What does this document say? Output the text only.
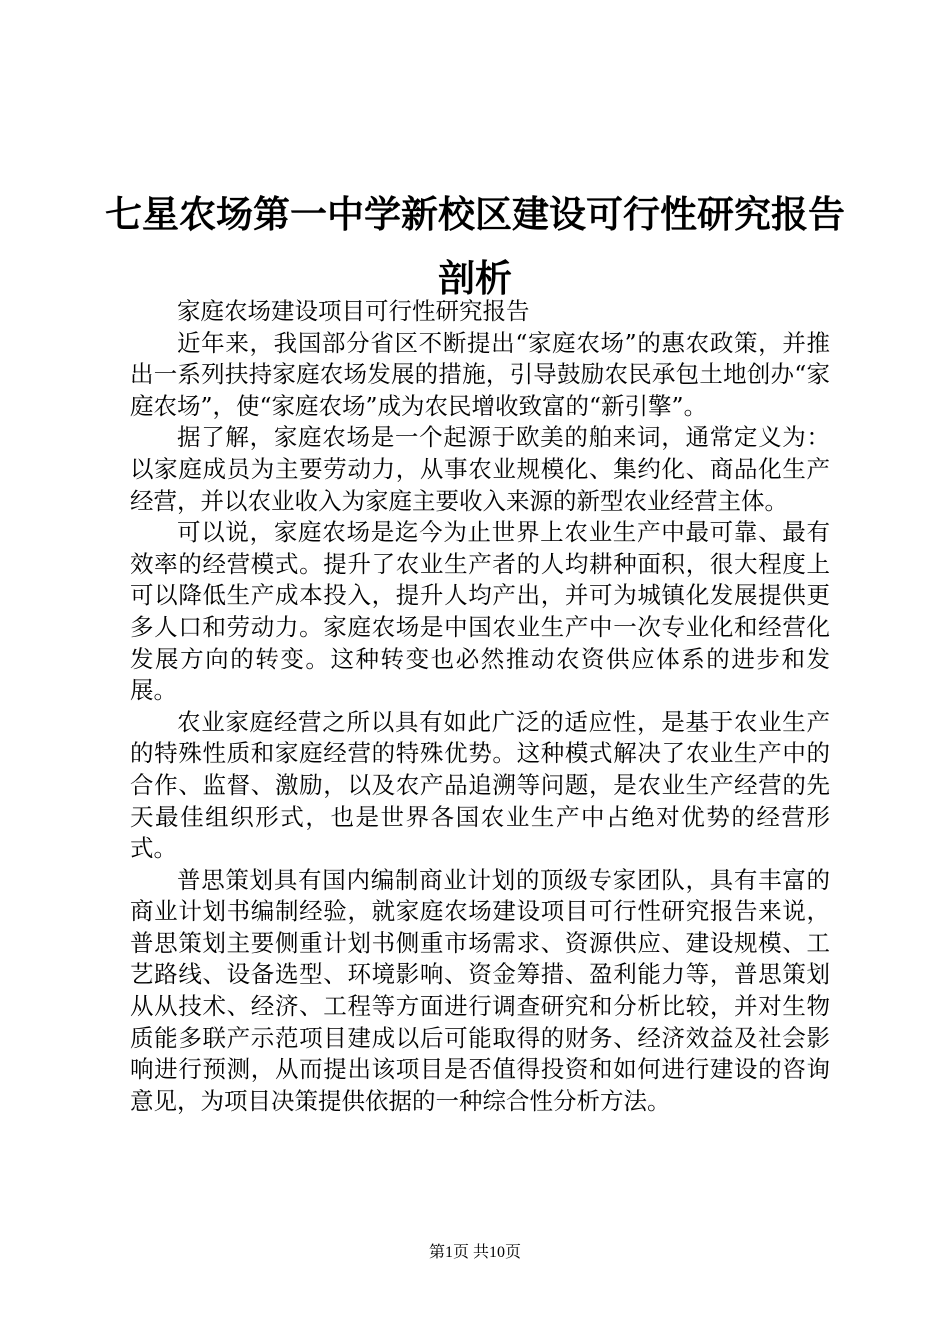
七星农场第一中学新校区建设可行性研究报告剖析

家庭农场建设项目可行性研究报告

近年来，我国部分省区不断提出“家庭农场”的惠农政策，并推出一系列扶持家庭农场发展的措施，引导鼓励农民承包土地创办“家庭农场”，使“家庭农场”成为农民增收致富的“新引擎”。

据了解，家庭农场是一个起源于欧美的舶来词，通常定义为：以家庭成员为主要劳动力，从事农业规模化、集约化、商品化生产经营，并以农业收入为家庭主要收入来源的新型农业经营主体。

可以说，家庭农场是迄今为止世界上农业生产中最可靠、最有效率的经营模式。提升了农业生产者的人均耕种面积，很大程度上可以降低生产成本投入，提升人均产出，并可为城镇化发展提供更多人口和劳动力。家庭农场是中国农业生产中一次专业化和经营化发展方向的转变。这种转变也必然推动农资供应体系的进步和发展。

农业家庭经营之所以具有如此广泛的适应性，是基于农业生产的特殊性质和家庭经营的特殊优势。这种模式解决了农业生产中的合作、监督、激励，以及农产品追溯等问题，是农业生产经营的先天最佳组织形式，也是世界各国农业生产中占绝对优势的经营形式。

普思策划具有国内编制商业计划的顶级专家团队，具有丰富的商业计划书编制经验，就家庭农场建设项目可行性研究报告来说，普思策划主要侧重计划书侧重市场需求、资源供应、建设规模、工艺路线、设备选型、环境影响、资金筹措、盈利能力等，普思策划从从技术、经济、工程等方面进行调查研究和分析比较，并对生物质能多联产示范项目建成以后可能取得的财务、经济效益及社会影响进行预测，从而提出该项目是否值得投资和如何进行建设的咨询意见，为项目决策提供依据的一种综合性分析方法。

第1页 共10页
